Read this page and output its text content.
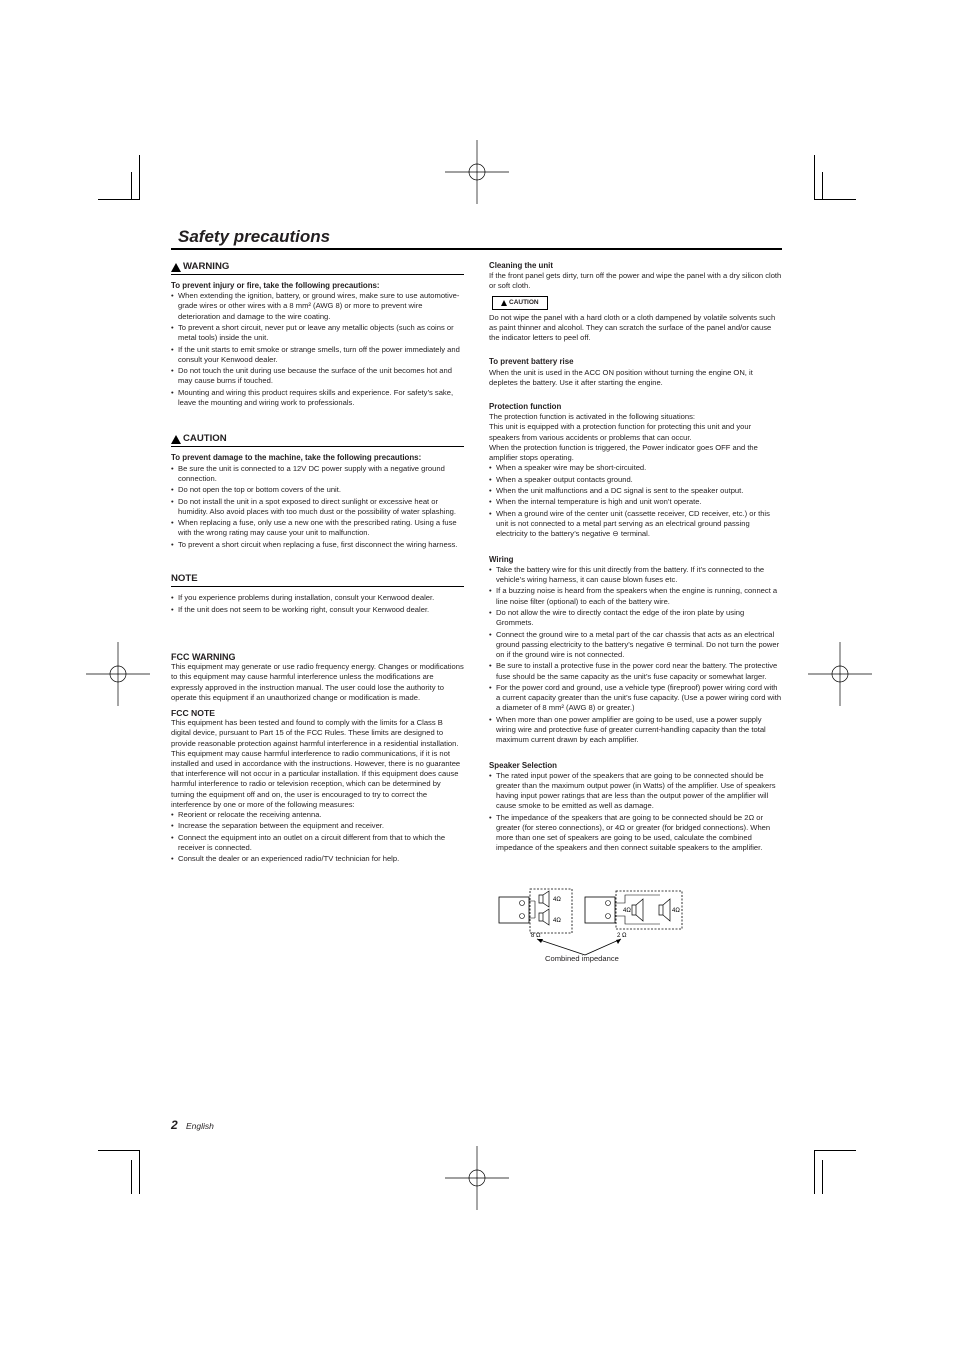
Safety precautions
WARNING

To prevent injury or fire, take the following precautions:

• When extending the ignition, battery, or ground wires, make sure to use automotive-grade wires or other wires with a 8 mm² (AWG 8) or more to prevent wire deterioration and damage to the wire coating.
• To prevent a short circuit, never put or leave any metallic objects (such as coins or metal tools) inside the unit.
• If the unit starts to emit smoke or strange smells, turn off the power immediately and consult your Kenwood dealer.
• Do not touch the unit during use because the surface of the unit becomes hot and may cause burns if touched.
• Mounting and wiring this product requires skills and experience. For safety’s sake, leave the mounting and wiring work to professionals.
CAUTION

To prevent damage to the machine, take the following precautions:

• Be sure the unit is connected to a 12V DC power supply with a negative ground connection.
• Do not open the top or bottom covers of the unit.
• Do not install the unit in a spot exposed to direct sunlight or excessive heat or humidity. Also avoid places with too much dust or the possibility of water splashing.
• When replacing a fuse, only use a new one with the prescribed rating. Using a fuse with the wrong rating may cause your unit to malfunction.
• To prevent a short circuit when replacing a fuse, first disconnect the wiring harness.
NOTE
• If you experience problems during installation, consult your Kenwood dealer.
• If the unit does not seem to be working right, consult your Kenwood dealer.

FCC WARNING

This equipment may generate or use radio frequency energy. Changes or modifications to this equipment may cause harmful interference unless the modifications are expressly approved in the instruction manual. The user could lose the authority to operate this equipment if an unauthorized change or modification is made.

FCC NOTE

This equipment has been tested and found to comply with the limits for a Class B digital device, pursuant to Part 15 of the FCC Rules. These limits are designed to provide reasonable protection against harmful interference in a residential installation. This equipment may cause harmful interference to radio communications, if it is not installed and used in accordance with the instructions. However, there is no guarantee that interference will not occur in a particular installation. If this equipment does cause harmful interference to radio or television reception, which can be determined by turning the equipment off and on, the user is encouraged to try to correct the interference by one or more of the following measures:

• Reorient or relocate the receiving antenna.
• Increase the separation between the equipment and receiver.
• Connect the equipment into an outlet on a circuit different from that to which the receiver is connected.
• Consult the dealer or an experienced radio/TV technician for help.

Cleaning the unit

If the front panel gets dirty, turn off the power and wipe the panel with a dry silicon cloth or soft cloth.

CAUTION

Do not wipe the panel with a hard cloth or a cloth dampened by volatile solvents such as paint thinner and alcohol. They can scratch the surface of the panel and/or cause the indicator letters to peel off.

To prevent battery rise

When the unit is used in the ACC ON position without turning the engine ON, it depletes the battery. Use it after starting the engine.

Protection function

The protection function is activated in the following situations:

This unit is equipped with a protection function for protecting this unit and your speakers from various accidents or problems that can occur.

When the protection function is triggered, the Power indicator goes OFF and the amplifier stops operating.

• When a speaker wire may be short-circuited.
• When a speaker output contacts ground.
• When the unit malfunctions and a DC signal is sent to the speaker output.
• When the internal temperature is high and unit won’t operate.
• When a ground wire of the center unit (cassette receiver, CD receiver, etc.) or this unit is not connected to a metal part serving as an electrical ground passing electricity to the battery’s negative ⊖ terminal.

Wiring

• Take the battery wire for this unit directly from the battery. If it’s connected to the vehicle’s wiring harness, it can cause blown fuses etc.
• If a buzzing noise is heard from the speakers when the engine is running, connect a line noise filter (optional) to each of the battery wire.
• Do not allow the wire to directly contact the edge of the iron plate by using Grommets.
• Connect the ground wire to a metal part of the car chassis that acts as an electrical ground passing electricity to the battery’s negative ⊖ terminal. Do not turn the power on if the ground wire is not connected.
• Be sure to install a protective fuse in the power cord near the battery. The protective fuse should be the same capacity as the unit’s fuse capacity or somewhat larger.
• For the power cord and ground, use a vehicle type (fireproof) power wiring cord with a current capacity greater than the unit’s fuse capacity. (Use a power wiring cord with a diameter of 8 mm² (AWG 8) or greater.)
• When more than one power amplifier are going to be used, use a power supply wiring wire and protective fuse of greater current-handling capacity than the total maximum current drawn by each amplifier.

Speaker Selection

• The rated input power of the speakers that are going to be connected should be greater than the maximum output power (in Watts) of the amplifier. Use of speakers having input power ratings that are less than the output power of the amplifier will cause smoke to be emitted as well as damage.
• The impedance of the speakers that are going to be connected should be 2Ω or greater (for stereo connections), or 4Ω or greater (for bridged connections). When more than one set of speakers are going to be used, calculate the combined impedance of the speakers and then connect suitable speakers to the amplifier.
4Ω
4Ω
8 Ω
4Ω	4Ω
2 Ω
Combined impedance
2 English
